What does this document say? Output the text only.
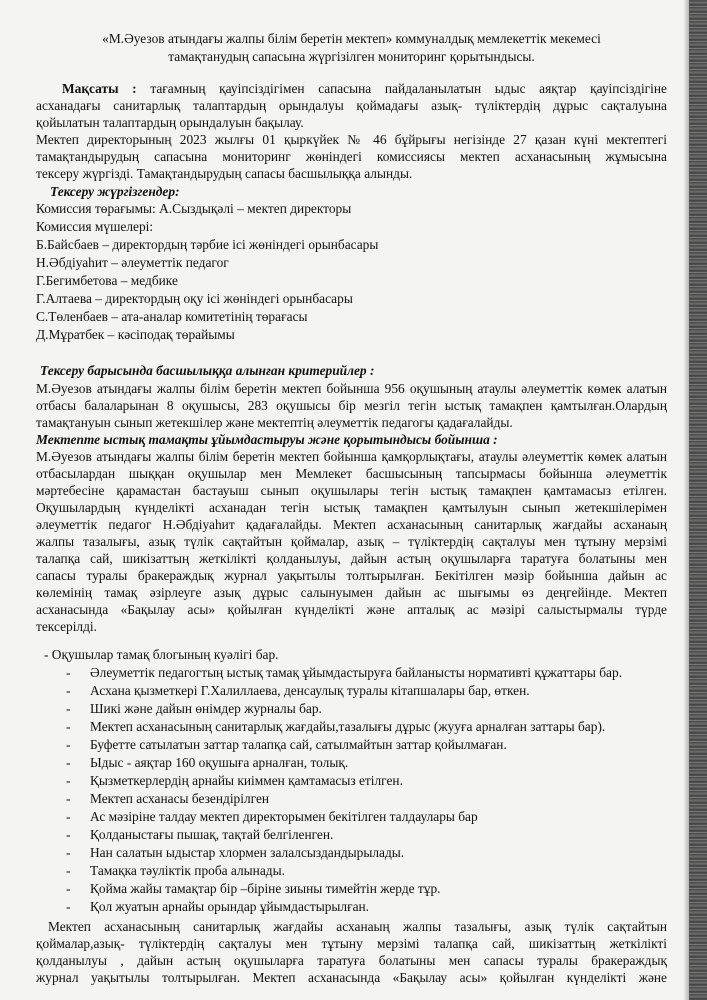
«М.Әуезов атындағы жалпы білім беретін мектеп» коммуналдық мемлекеттік мекемесі
тамақтанудың сапасына жүргізілген мониторинг қорытындысы.
Мақсаты : тағамның қауіпсіздігімен сапасына пайдаланылатын ыдыс аяқтар қауіпсіздігіне
асханадағы санитарлық талаптардың орындалуы қоймадағы азық- түліктердің дұрыс сақталуына
қойылатын талаптардың орындалуын бақылау.
Мектеп директорының 2023 жылғы 01 қыркүйек № 46 бұйрығы негізінде 27 қазан күні мектептегі
тамақтандырудың сапасына мониторинг жөніндегі комиссиясы мектеп асханасының жұмысына
тексеру жүргізді. Тамақтандырудың сапасы басшылыққа алынды.
Тексеру жүргізгендер:
Комиссия төрағымы: А.Сыздықәлі – мектеп директоры
Комиссия мүшелері:
Б.Байсбаев – директордың тәрбие ісі жөніндегі орынбасары
Н.Әбдіуаһит – әлеуметтік педагог
Г.Бегимбетова – медбике
Г.Алтаева – директордың оқу ісі жөніндегі орынбасары
С.Төленбаев – ата-аналар комитетінің төрағасы
Д.Мұратбек – кәсіподақ төрайымы
Тексеру барысында басшылыққа алынған критерийлер :
М.Әуезов атындағы жалпы білім беретін мектеп бойынша 956 оқушының атаулы әлеуметтік көмек алатын
отбасы балаларынан 8 оқушысы, 283 оқушысы бір мезгіл тегін ыстық тамақпен қамтылған.Олардың
тамақтануын сынып жетекшілер және мектептің әлеуметтік педагогы қадағалайды.
Мектепте ыстық тамақты ұйымдастыруы және қорытындысы бойынша :
М.Әуезов атындағы жалпы білім беретін мектеп бойынша қамқорлықтағы, атаулы әлеуметтік көмек алатын
отбасылардан шыққан оқушылар мен Мемлекет басшысының тапсырмасы бойынша әлеуметтік
мәртебесіне қарамастан бастауыш сынып оқушылары тегін ыстық тамақпен қамтамасыз етілген.
Оқушылардың күнделікті асханадан тегін ыстық тамақпен қамтылуын сынып жетекшілерімен
әлеуметтік педагог Н.Әбдіуаһит қадағалайды. Мектеп асханасының санитарлық жағдайы асханаың
жалпы тазалығы, азық түлік сақтайтын қоймалар, азық – түліктердің сақталуы мен тұтыну мерзімі
талапқа сай, шикізаттың жеткілікті қолданылуы, дайын астың оқушыларға таратуға болатыны мен
сапасы туралы бракераждық журнал уақытылы толтырылған. Бекітілген мәзір бойынша дайын ас
көлемінің тамақ әзірлеуге азық дұрыс салынуымен дайын ас шығымы өз деңгейінде. Мектеп
асханасында «Бақылау асы» қойылған күнделікті және апталық ас мәзірі салыстырмалы түрде
тексерілді.
- Оқушылар тамақ блогының куәлігі бар.
- Әлеуметтік педагогтың ыстық тамақ ұйымдастыруға байланысты нормативті құжаттары бар.
- Асхана қызметкері Г.Халиллаева, денсаулық туралы кітапшалары бар, өткен.
- Шикі және дайын өнімдер журналы бар.
- Мектеп асханасының санитарлық жағдайы,тазалығы дұрыс (жууға арналған заттары бар).
- Буфетте сатылатын заттар талапқа сай, сатылмайтын заттар қойылмаған.
- Ыдыс - аяқтар 160 оқушыға арналған, толық.
- Қызметкерлердің арнайы киіммен қамтамасыз етілген.
- Мектеп асханасы безендірілген
- Ас мәзіріне талдау мектеп директорымен бекітілген талдаулары бар
- Қолданыстағы пышақ, тақтай белгіленген.
- Нан салатын ыдыстар хлормен залалсыздандырылады.
- Тамақка тәуліктік проба алынады.
- Қойма жайы тамақтар бір –біріне зиыны тимейтін жерде тұр.
- Қол жуатын арнайы орындар ұйымдастырылған.
Мектеп асханасының санитарлық жағдайы асханаың жалпы тазалығы, азық түлік сақтайтын
қоймалар,азық- түліктердің сақталуы мен тұтыну мерзімі талапқа сай, шикізаттың жеткілікті
қолданылуы , дайын астың оқушыларға таратуға болатыны мен сапасы туралы бракераждық
журнал уақытылы толтырылған. Мектеп асханасында «Бақылау асы» қойылған күнделікті және
